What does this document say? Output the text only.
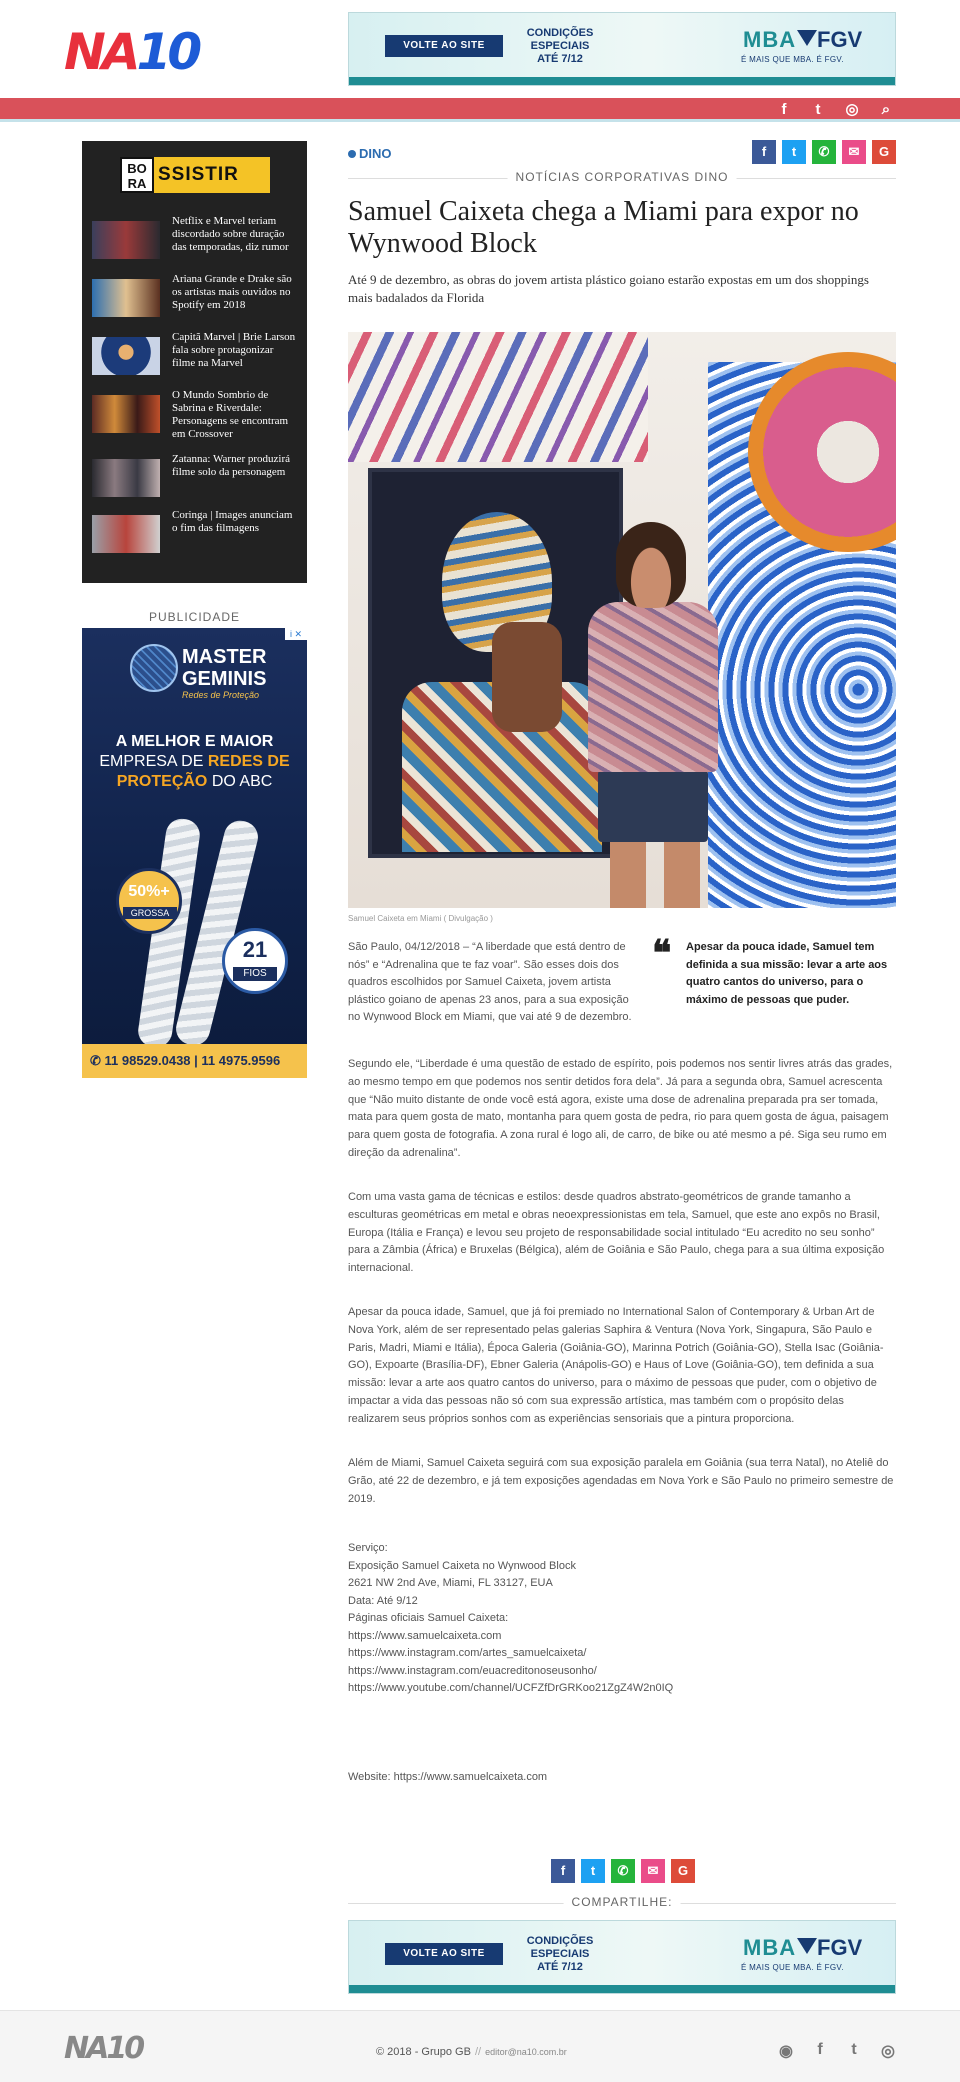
NA10	VOLTE AO SITE
CONDIÇÕES
ESPECIAIS
ATÉ 7/12
MBA FGV
É MAIS QUE MBA. É FGV.
f	t	◎ ⌕
BO
RA SSISTIR
Netflix e Marvel teriam discordado sobre duração das temporadas, diz rumor
Ariana Grande e Drake são os artistas mais ouvidos no Spotify em 2018
Capitã Marvel | Brie Larson fala sobre protagonizar filme na Marvel
O Mundo Sombrio de Sabrina e Riverdale: Personagens se encontram em Crossover
Zatanna: Warner produzirá filme solo da personagem
Coringa | Images anunciam o fim das filmagens
PUBLICIDADE
i ✕
MASTER
GEMINIS
Redes de Proteção
A MELHOR E MAIOR
EMPRESA DE REDES DE
PROTEÇÃO DO ABC
50%+
GROSSA
21
FIOS
✆ 11 98529.0438 | 11 4975.9596
DINO	f	t	✆	✉	G
NOTÍCIAS CORPORATIVAS DINO
Samuel Caixeta chega a Miami para expor no Wynwood Block
Até 9 de dezembro, as obras do jovem artista plástico goiano estarão expostas em um dos shoppings mais badalados da Florida
Samuel Caixeta em Miami ( Divulgação )
São Paulo, 04/12/2018 – “A liberdade que está dentro de nós” e “Adrenalina que te faz voar”. São esses dois dos quadros escolhidos por Samuel Caixeta, jovem artista plástico goiano de apenas 23 anos, para a sua exposição no Wynwood Block em Miami, que vai até 9 de dezembro.
❝ Apesar da pouca idade, Samuel tem definida a sua missão: levar a arte aos quatro cantos do universo, para o máximo de pessoas que puder.

Segundo ele, “Liberdade é uma questão de estado de espírito, pois podemos nos sentir livres atrás das grades, ao mesmo tempo em que podemos nos sentir detidos fora dela”. Já para a segunda obra, Samuel acrescenta que “Não muito distante de onde você está agora, existe uma dose de adrenalina preparada pra ser tomada, mata para quem gosta de mato, montanha para quem gosta de pedra, rio para quem gosta de água, paisagem para quem gosta de fotografia. A zona rural é logo ali, de carro, de bike ou até mesmo a pé. Siga seu rumo em direção da adrenalina”.

Com uma vasta gama de técnicas e estilos: desde quadros abstrato-geométricos de grande tamanho a esculturas geométricas em metal e obras neoexpressionistas em tela, Samuel, que este ano expôs no Brasil, Europa (Itália e França) e levou seu projeto de responsabilidade social intitulado “Eu acredito no seu sonho” para a Zâmbia (África) e Bruxelas (Bélgica), além de Goiânia e São Paulo, chega para a sua última exposição internacional.

Apesar da pouca idade, Samuel, que já foi premiado no International Salon of Contemporary & Urban Art de Nova York, além de ser representado pelas galerias Saphira & Ventura (Nova York, Singapura, São Paulo e Paris, Madri, Miami e Itália), Época Galeria (Goiânia-GO), Marinna Potrich (Goiânia-GO), Stella Isac (Goiânia-GO), Expoarte (Brasília-DF), Ebner Galeria (Anápolis-GO) e Haus of Love (Goiânia-GO), tem definida a sua missão: levar a arte aos quatro cantos do universo, para o máximo de pessoas que puder, com o objetivo de impactar a vida das pessoas não só com sua expressão artística, mas também com o propósito delas realizarem seus próprios sonhos com as experiências sensoriais que a pintura proporciona.

Além de Miami, Samuel Caixeta seguirá com sua exposição paralela em Goiânia (sua terra Natal), no Ateliê do Grão, até 22 de dezembro, e já tem exposições agendadas em Nova York e São Paulo no primeiro semestre de 2019.

Serviço:
Exposição Samuel Caixeta no Wynwood Block
2621 NW 2nd Ave, Miami, FL 33127, EUA
Data: Até 9/12
Páginas oficiais Samuel Caixeta:
https://www.samuelcaixeta.com
https://www.instagram.com/artes_samuelcaixeta/
https://www.instagram.com/euacreditonoseusonho/
https://www.youtube.com/channel/UCFZfDrGRKoo21ZgZ4W2n0IQ
Website: https://www.samuelcaixeta.com
f	t	✆	✉	G
COMPARTILHE:
VOLTE AO SITE
CONDIÇÕES
ESPECIAIS
ATÉ 7/12
MBA FGV
É MAIS QUE MBA. É FGV.
NA10	© 2018 - Grupo GB // editor@na10.com.br	◉	f	t	◎
